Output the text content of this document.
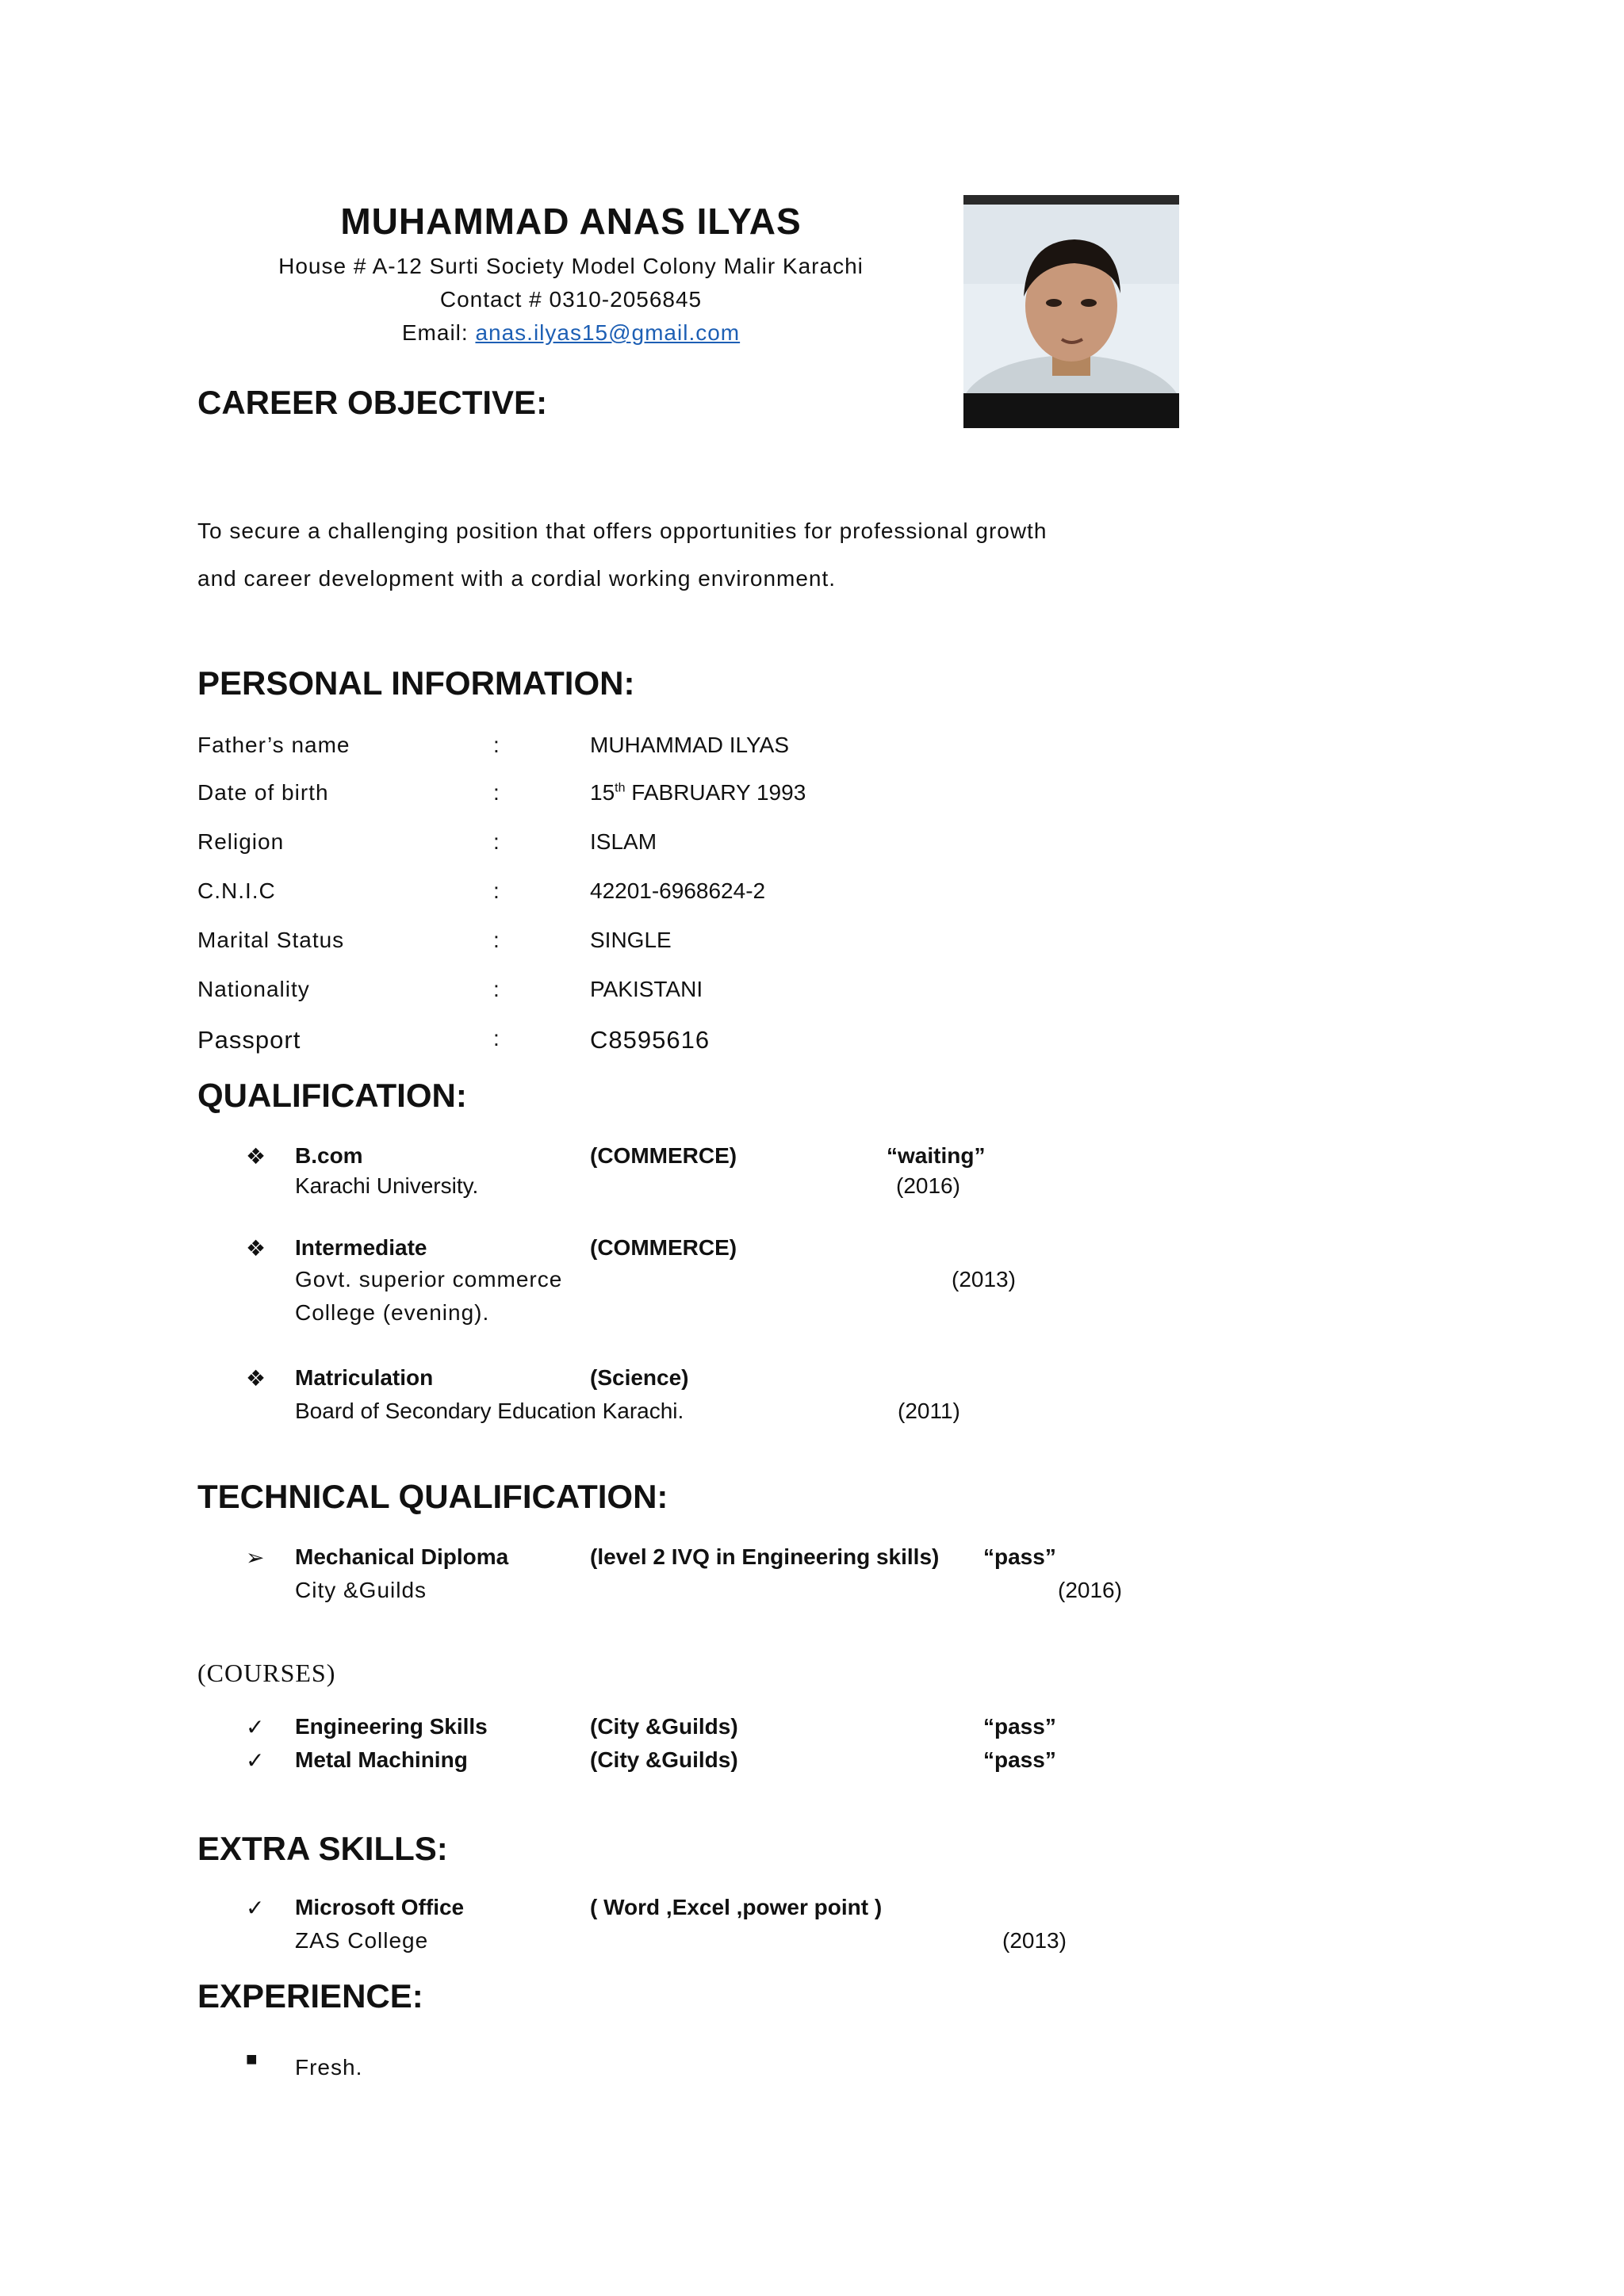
MUHAMMAD ANAS ILYAS
House # A-12 Surti Society Model Colony Malir Karachi
Contact # 0310-2056845
Email: anas.ilyas15@gmail.com
CAREER OBJECTIVE:
To secure a challenging position that offers opportunities for professional growth
and career development with a cordial working environment.
PERSONAL INFORMATION:
Father’s name	:	MUHAMMAD ILYAS
Date of birth	:	15th FABRUARY 1993
Religion	:	ISLAM
C.N.I.C	:	42201-6968624-2
Marital Status	:	SINGLE
Nationality	:	PAKISTANI
Passport	:	C8595616
QUALIFICATION:
❖ B.com	(COMMERCE)	“waiting”
Karachi University.	(2016)
❖ Intermediate	(COMMERCE)
Govt. superior commerce	(2013)
College (evening).
❖ Matriculation	(Science)
Board of Secondary Education Karachi.	(2011)
TECHNICAL QUALIFICATION:
➢ Mechanical Diploma	(level 2 IVQ in Engineering skills) “pass”
City &Guilds	(2016)
(COURSES)
✓ Engineering Skills	(City &Guilds)	“pass”
✓ Metal Machining	(City &Guilds)	“pass”
EXTRA SKILLS:
✓ Microsoft Office	( Word ,Excel ,power point )
ZAS College	(2013)
EXPERIENCE:
■ Fresh.
